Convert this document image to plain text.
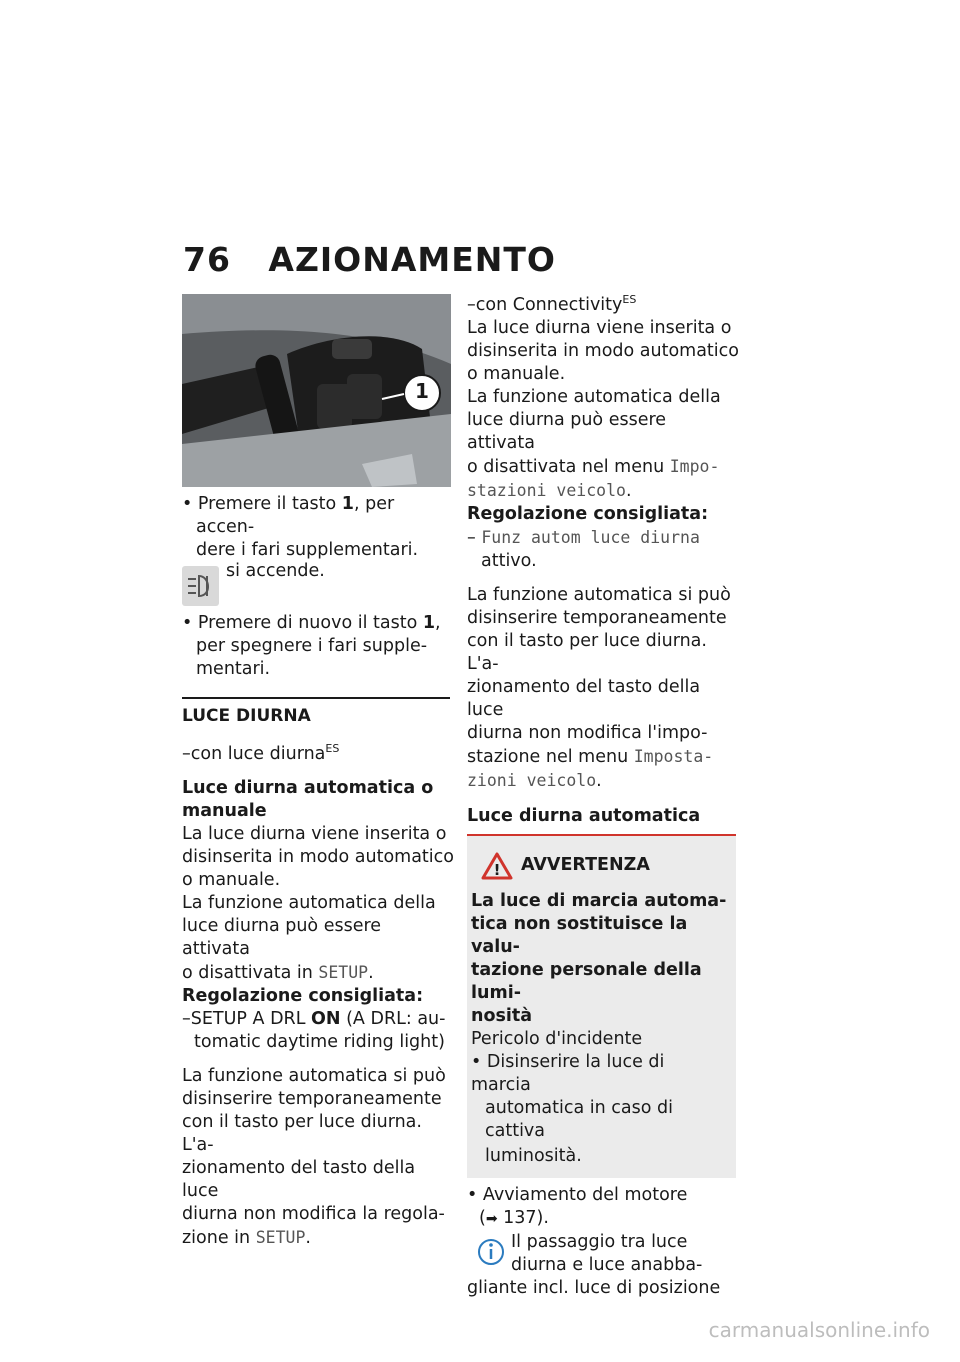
76 AZIONAMENTO
1

• Premere il tasto 1, per accen-

dere i fari supplementari.

si accende.

• Premere di nuovo il tasto 1,

per spegnere i fari supple-

mentari.

LUCE DIURNA

–con luce diurna$^{ES}$

Luce diurna automatica o

manuale

La luce diurna viene inserita o

disinserita in modo automatico

o manuale.

La funzione automatica della

luce diurna può essere attivata

o disattivata in SETUP.

Regolazione consigliata:

–SETUP A DRL ON (A DRL: au-

tomatic daytime riding light)

La funzione automatica si può

disinserire temporaneamente

con il tasto per luce diurna. L'a-

zionamento del tasto della luce

diurna non modifica la regola-

zione in SETUP.

–con Connectivity$^{ES}$

La luce diurna viene inserita o

disinserita in modo automatico

o manuale.

La funzione automatica della

luce diurna può essere attivata

o disattivata nel menu Impo-

stazioni veicolo.

Regolazione consigliata:

– Funz autom luce diurna

attivo.

La funzione automatica si può

disinserire temporaneamente

con il tasto per luce diurna. L'a-

zionamento del tasto della luce

diurna non modifica l'impo-

stazione nel menu Imposta-

zioni veicolo.

Luce diurna automatica

! AVVERTENZA

La luce di marcia automa-

tica non sostituisce la valu-

tazione personale della lumi-

nosità

Pericolo d'incidente

• Disinserire la luce di marcia

automatica in caso di cattiva

luminosità.

• Avviamento del motore

(➡ 137).

Il passaggio tra luce
diurna e luce anabba-

gliante incl. luce di posizione

carmanualsonline.info
